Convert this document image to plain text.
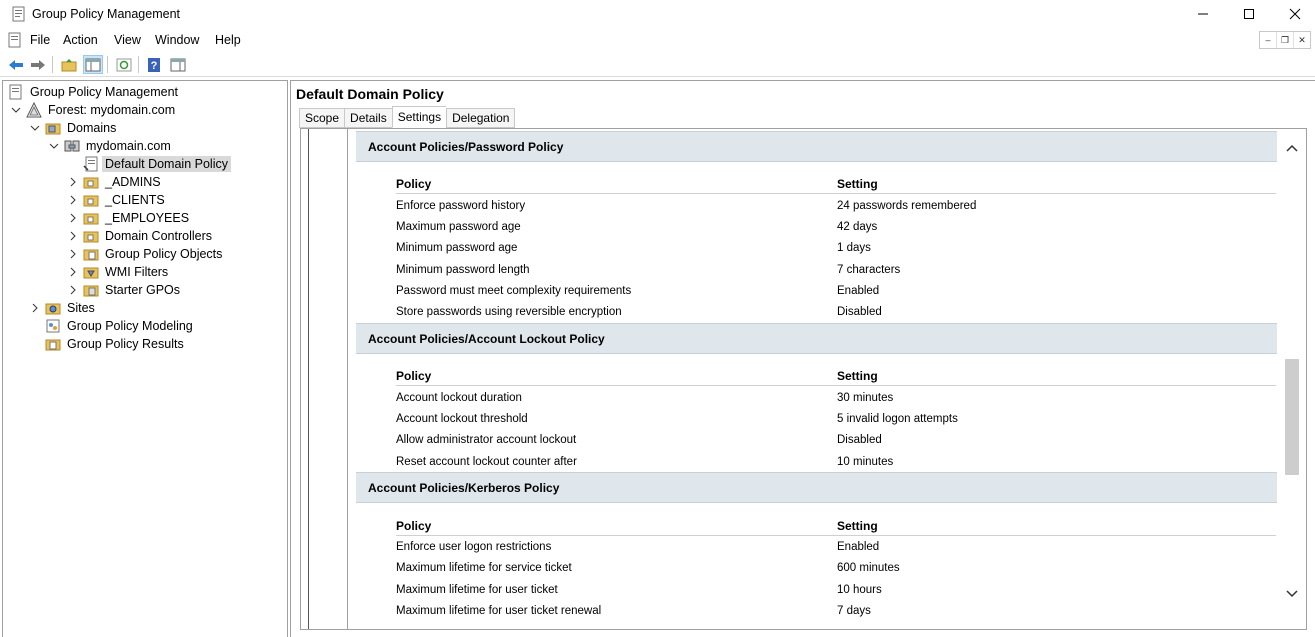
Group Policy Management
File Action View Window Help	–	❐	✕
?
Group Policy Management
Forest: mydomain.com
Domains
mydomain.com
Default Domain Policy
_ADMINS
_CLIENTS
_EMPLOYEES
Domain Controllers
Group Policy Objects
WMI Filters
Starter GPOs
Sites
Group Policy Modeling
Group Policy Results
Default Domain Policy
Scope Details Settings Delegation
Account Policies/Password Policy
Policy	Setting
Enforce password history	24 passwords remembered
Maximum password age	42 days
Minimum password age	1 days
Minimum password length	7 characters
Password must meet complexity requirements	Enabled
Store passwords using reversible encryption	Disabled
Account Policies/Account Lockout Policy
Policy	Setting
Account lockout duration	30 minutes
Account lockout threshold	5 invalid logon attempts
Allow administrator account lockout	Disabled
Reset account lockout counter after	10 minutes
Account Policies/Kerberos Policy
Policy	Setting
Enforce user logon restrictions	Enabled
Maximum lifetime for service ticket	600 minutes
Maximum lifetime for user ticket	10 hours
Maximum lifetime for user ticket renewal	7 days
